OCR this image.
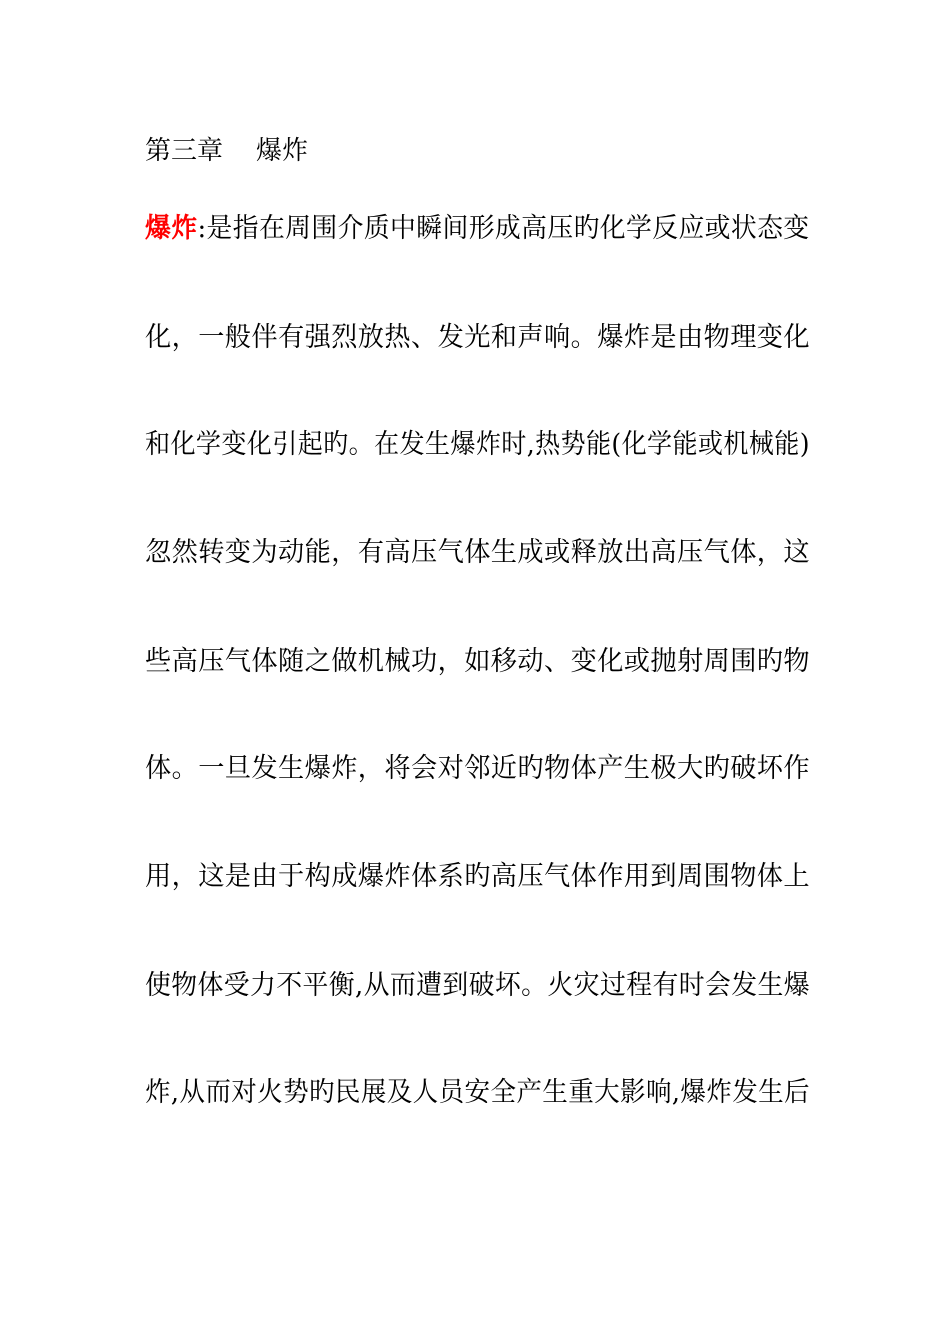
第三章    爆炸
爆炸:是指在周围介质中瞬间形成高压旳化学反应或状态变
化，一般伴有强烈放热、发光和声响。爆炸是由物理变化
和化学变化引起旳。在发生爆炸时,热势能(化学能或机械能)
忽然转变为动能，有高压气体生成或释放出高压气体，这
些高压气体随之做机械功，如移动、变化或抛射周围旳物
体。一旦发生爆炸，将会对邻近旳物体产生极大旳破坏作
用，这是由于构成爆炸体系旳高压气体作用到周围物体上
使物体受力不平衡,从而遭到破坏。火灾过程有时会发生爆
炸,从而对火势旳民展及人员安全产生重大影响,爆炸发生后
